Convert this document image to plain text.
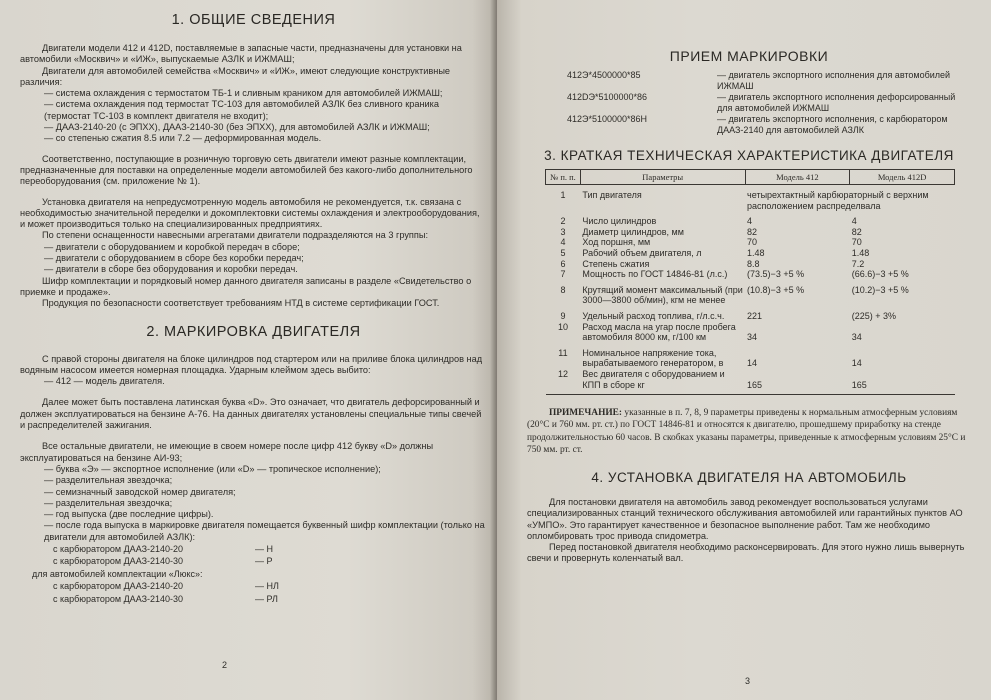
1. ОБЩИЕ СВЕДЕНИЯ

Двигатели модели 412 и 412D, поставляемые в запасные части, предназначены для установки на автомобили «Москвич» и «ИЖ», выпускаемые АЗЛК и ИЖМАШ;

Двигатели для автомобилей семейства «Москвич» и «ИЖ», имеют следующие конструктивные различия:

— система охлаждения с термостатом ТБ-1 и сливным краником для автомобилей ИЖМАШ;

— система охлаждения под термостат ТС-103 для автомобилей АЗЛК без сливного краника (термостат ТС-103 в комплект двигателя не входит);

— ДААЗ-2140-20 (с ЭПХХ), ДААЗ-2140-30 (без ЭПХХ), для автомобилей АЗЛК и ИЖМАШ;

— со степенью сжатия 8.5 или 7.2 — деформированная модель.

Соответственно, поступающие в розничную торговую сеть двигатели имеют разные комплектации, предназначенные для поставки на определенные модели автомобилей без какого-либо дополнительного переоборудования (см. приложение № 1).

Установка двигателя на непредусмотренную модель автомобиля не рекомендуется, т.к. связана с необходимостью значительной переделки и докомплектовки системы охлаждения и электрооборудования, и может производиться только на специализированных предприятиях.

По степени оснащенности навесными агрегатами двигатели подразделяются на 3 группы:

— двигатели с оборудованием и коробкой передач в сборе;

— двигатели с оборудованием в сборе без коробки передач;

— двигатели в сборе без оборудования и коробки передач.

Шифр комплектации и порядковый номер данного двигателя записаны в разделе «Свидетельство о приемке и продаже».

Продукция по безопасности соответствует требованиям НТД в системе сертификации ГОСТ.

2. МАРКИРОВКА ДВИГАТЕЛЯ

С правой стороны двигателя на блоке цилиндров под стартером или на приливе блока цилиндров над водяным насосом имеется номерная площадка. Ударным клеймом здесь выбито:

— 412 — модель двигателя.

Далее может быть поставлена латинская буква «D». Это означает, что двигатель дефорсированный и должен эксплуатироваться на бензине А-76. На данных двигателях установлены специальные типы свечей и распределителей зажигания.

Все остальные двигатели, не имеющие в своем номере после цифр 412 букву «D» должны эксплуатироваться на бензине АИ-93;

— буква «Э» — экспортное исполнение (или «D» — тропическое исполнение);

— разделительная звездочка;

— семизначный заводской номер двигателя;

— разделительная звездочка;

— год выпуска (две последние цифры).

— после года выпуска в маркировке двигателя помещается буквенный шифр комплектации (только на двигатели для автомобилей АЗЛК):

с карбюратором ДААЗ-2140-20	— Н
с карбюратором ДААЗ-2140-30	— Р
для автомобилей комплектации «Люкс»:
с карбюратором ДААЗ-2140-20	— НЛ
с карбюратором ДААЗ-2140-30	— РЛ
2
ПРИЕМ МАРКИРОВКИ
412Э*4500000*85	— двигатель экспортного исполнения для автомобилей ИЖМАШ
412DЭ*5100000*86	— двигатель экспортного исполнения дефорсированный для автомобилей ИЖМАШ
412Э*5100000*86Н	— двигатель экспортного исполнения, с карбюратором ДААЗ-2140 для автомобилей АЗЛК
3. КРАТКАЯ ТЕХНИЧЕСКАЯ ХАРАКТЕРИСТИКА ДВИГАТЕЛЯ
№ п. п.	Параметры	Модель 412	Модель 412D
1	Тип двигателя	четырехтактный карбюраторный с верхним расположением распределвала	
2	Число цилиндров	4	4
3	Диаметр цилиндров, мм	82	82
4	Ход поршня, мм	70	70
5	Рабочий объем двигателя, л	1.48	1.48
6	Степень сжатия	8.8	7.2
7	Мощность по ГОСТ 14846-81 (л.с.)	(73.5)−3 +5 %	(66.6)−3 +5 %
8	Крутящий момент максимальный (при 3000—3800 об/мин), кгм не менее	(10.8)−3 +5 %	(10.2)−3 +5 %
9	Удельный расход топлива, г/л.с.ч.	221	(225) + 3%
10	Расход масла на угар после пробега автомобиля 8000 км, г/100 км	34	34
11	Номинальное напряжение тока, вырабатываемого генератором, в	14	14
12	Вес двигателя с оборудованием и КПП в сборе кг	165	165

ПРИМЕЧАНИЕ: указанные в п. 7, 8, 9 параметры приведены к нормальным атмосферным условиям (20°С и 760 мм. рт. ст.) по ГОСТ 14846-81 и относятся к двигателю, прошедшему приработку на стенде продолжительностью 60 часов. В скобках указаны параметры, приведенные к атмосферным условиям 25°С и 750 мм. рт. ст.

4. УСТАНОВКА ДВИГАТЕЛЯ НА АВТОМОБИЛЬ

Для постановки двигателя на автомобиль завод рекомендует воспользоваться услугами специализированных станций технического обслуживания автомобилей или гарантийных пунктов АО «УМПО». Это гарантирует качественное и безопасное выполнение работ. Там же необходимо опломбировать трос привода спидометра.

Перед постановкой двигателя необходимо расконсервировать. Для этого нужно лишь вывернуть свечи и провернуть коленчатый вал.

3
